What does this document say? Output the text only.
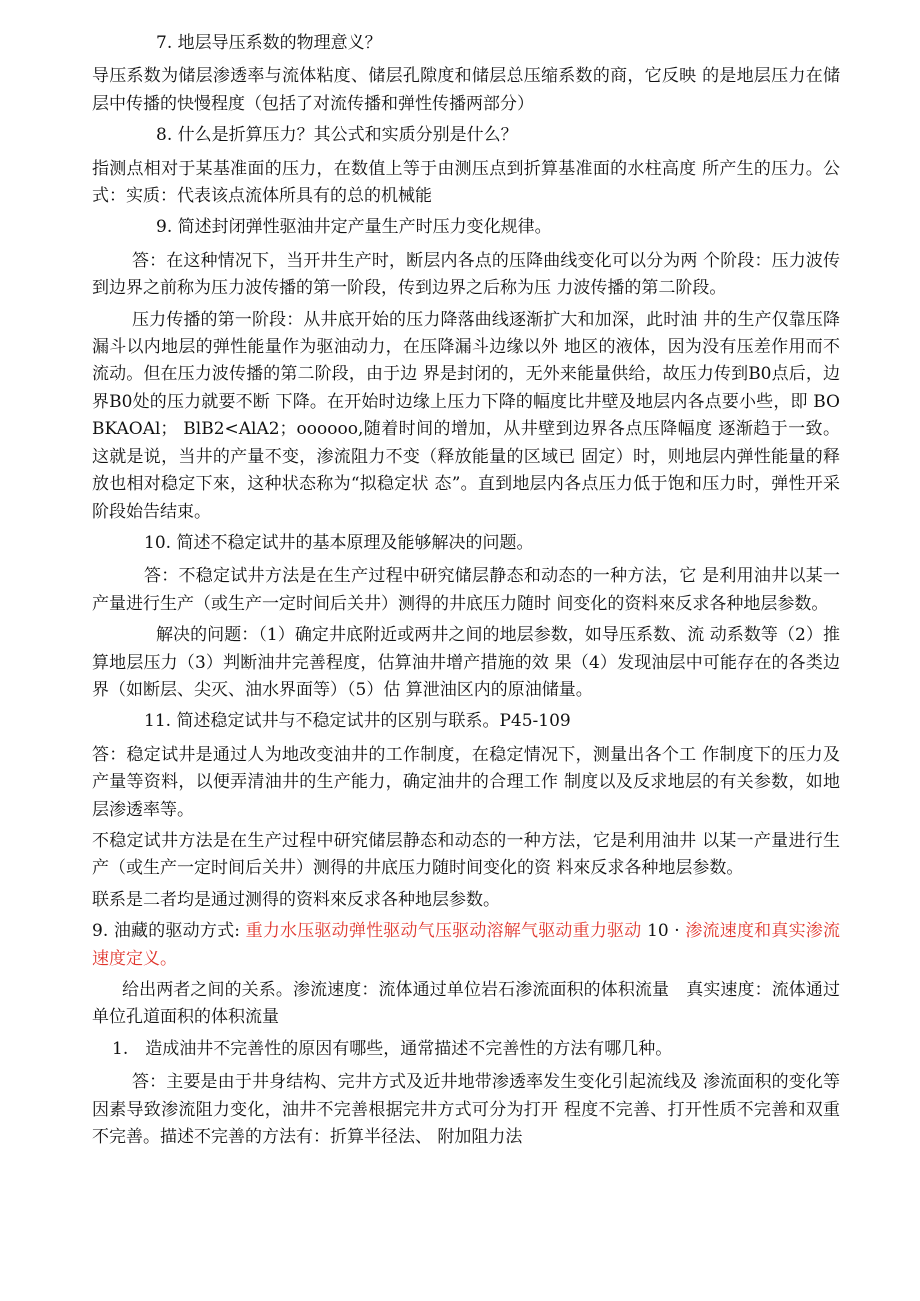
7. 地层导压系数的物理意义？

导压系数为储层渗透率与流体粘度、储层孔隙度和储层总压缩系数的商，它反映 的是地层压力在储层中传播的快慢程度（包括了对流传播和弹性传播两部分）

8. 什么是折算压力？其公式和实质分别是什么？

指测点相对于某基准面的压力，在数值上等于由测压点到折算基准面的水柱高度 所产生的压力。公式：实质：代表该点流体所具有的总的机械能

9. 简述封闭弹性驱油井定产量生产时压力变化规律。

答：在这种情况下，当开井生产时，断层内各点的压降曲线变化可以分为两 个阶段：压力波传到边界之前称为压力波传播的第一阶段，传到边界之后称为压 力波传播的第二阶段。

压力传播的第一阶段：从井底开始的压力降落曲线逐渐扩大和加深，此时油 井的生产仅靠压降漏斗以内地层的弹性能量作为驱油动力，在压降漏斗边缘以外 地区的液体，因为没有压差作用而不流动。但在压力波传播的第二阶段，由于边 界是封闭的，无外来能量供给，故压力传到B0点后，边界B0处的压力就要不断 下降。在开始时边缘上压力下降的幅度比井壁及地层内各点要小些，即 BOBKAOAl； BlB2<AlA2；oooooo,随着时间的增加，从井壁到边界各点压降幅度 逐渐趋于一致。这就是说，当井的产量不变，渗流阻力不变（释放能量的区域已 固定）时，则地层内弹性能量的释放也相对稳定下來，这种状态称为“拟稳定状 态”。直到地层内各点压力低于饱和压力时，弹性开采阶段始告结束。

10. 简述不稳定试井的基本原理及能够解决的问题。

答：不稳定试井方法是在生产过程中研究储层静态和动态的一种方法，它 是利用油井以某一产量进行生产（或生产一定时间后关井）测得的井底压力随时 间变化的资料來反求各种地层参数。

解决的问题：（1）确定井底附近或两井之间的地层参数，如导压系数、流 动系数等（2）推算地层压力（3）判断油井完善程度，估算油井增产措施的效 果（4）发现油层中可能存在的各类边界（如断层、尖灭、油水界面等）（5）估 算泄油区内的原油储量。

11. 简述稳定试井与不稳定试井的区别与联系。P45-109

答：稳定试井是通过人为地改变油井的工作制度，在稳定情况下，测量出各个工 作制度下的压力及产量等资料，以便弄清油井的生产能力，确定油井的合理工作 制度以及反求地层的有关参数，如地层渗透率等。

不稳定试井方法是在生产过程中研究储层静态和动态的一种方法，它是利用油井 以某一产量进行生产（或生产一定时间后关井）测得的井底压力随时间变化的资 料來反求各种地层参数。

联系是二者均是通过测得的资料來反求各种地层参数。

9. 油藏的驱动方式: 重力水压驱动弹性驱动气压驱动溶解气驱动重力驱动 10 · 渗流速度和真实渗流速度定义。

给出两者之间的关系。渗流速度：流体通过单位岩石渗流面积的体积流量　真实速度：流体通过单位孔道面积的体积流量

1.　造成油井不完善性的原因有哪些，通常描述不完善性的方法有哪几种。

答：主要是由于井身结构、完井方式及近井地带渗透率发生变化引起流线及 渗流面积的变化等因素导致渗流阻力变化，油井不完善根据完井方式可分为打开 程度不完善、打开性质不完善和双重不完善。描述不完善的方法有：折算半径法、 附加阻力法
